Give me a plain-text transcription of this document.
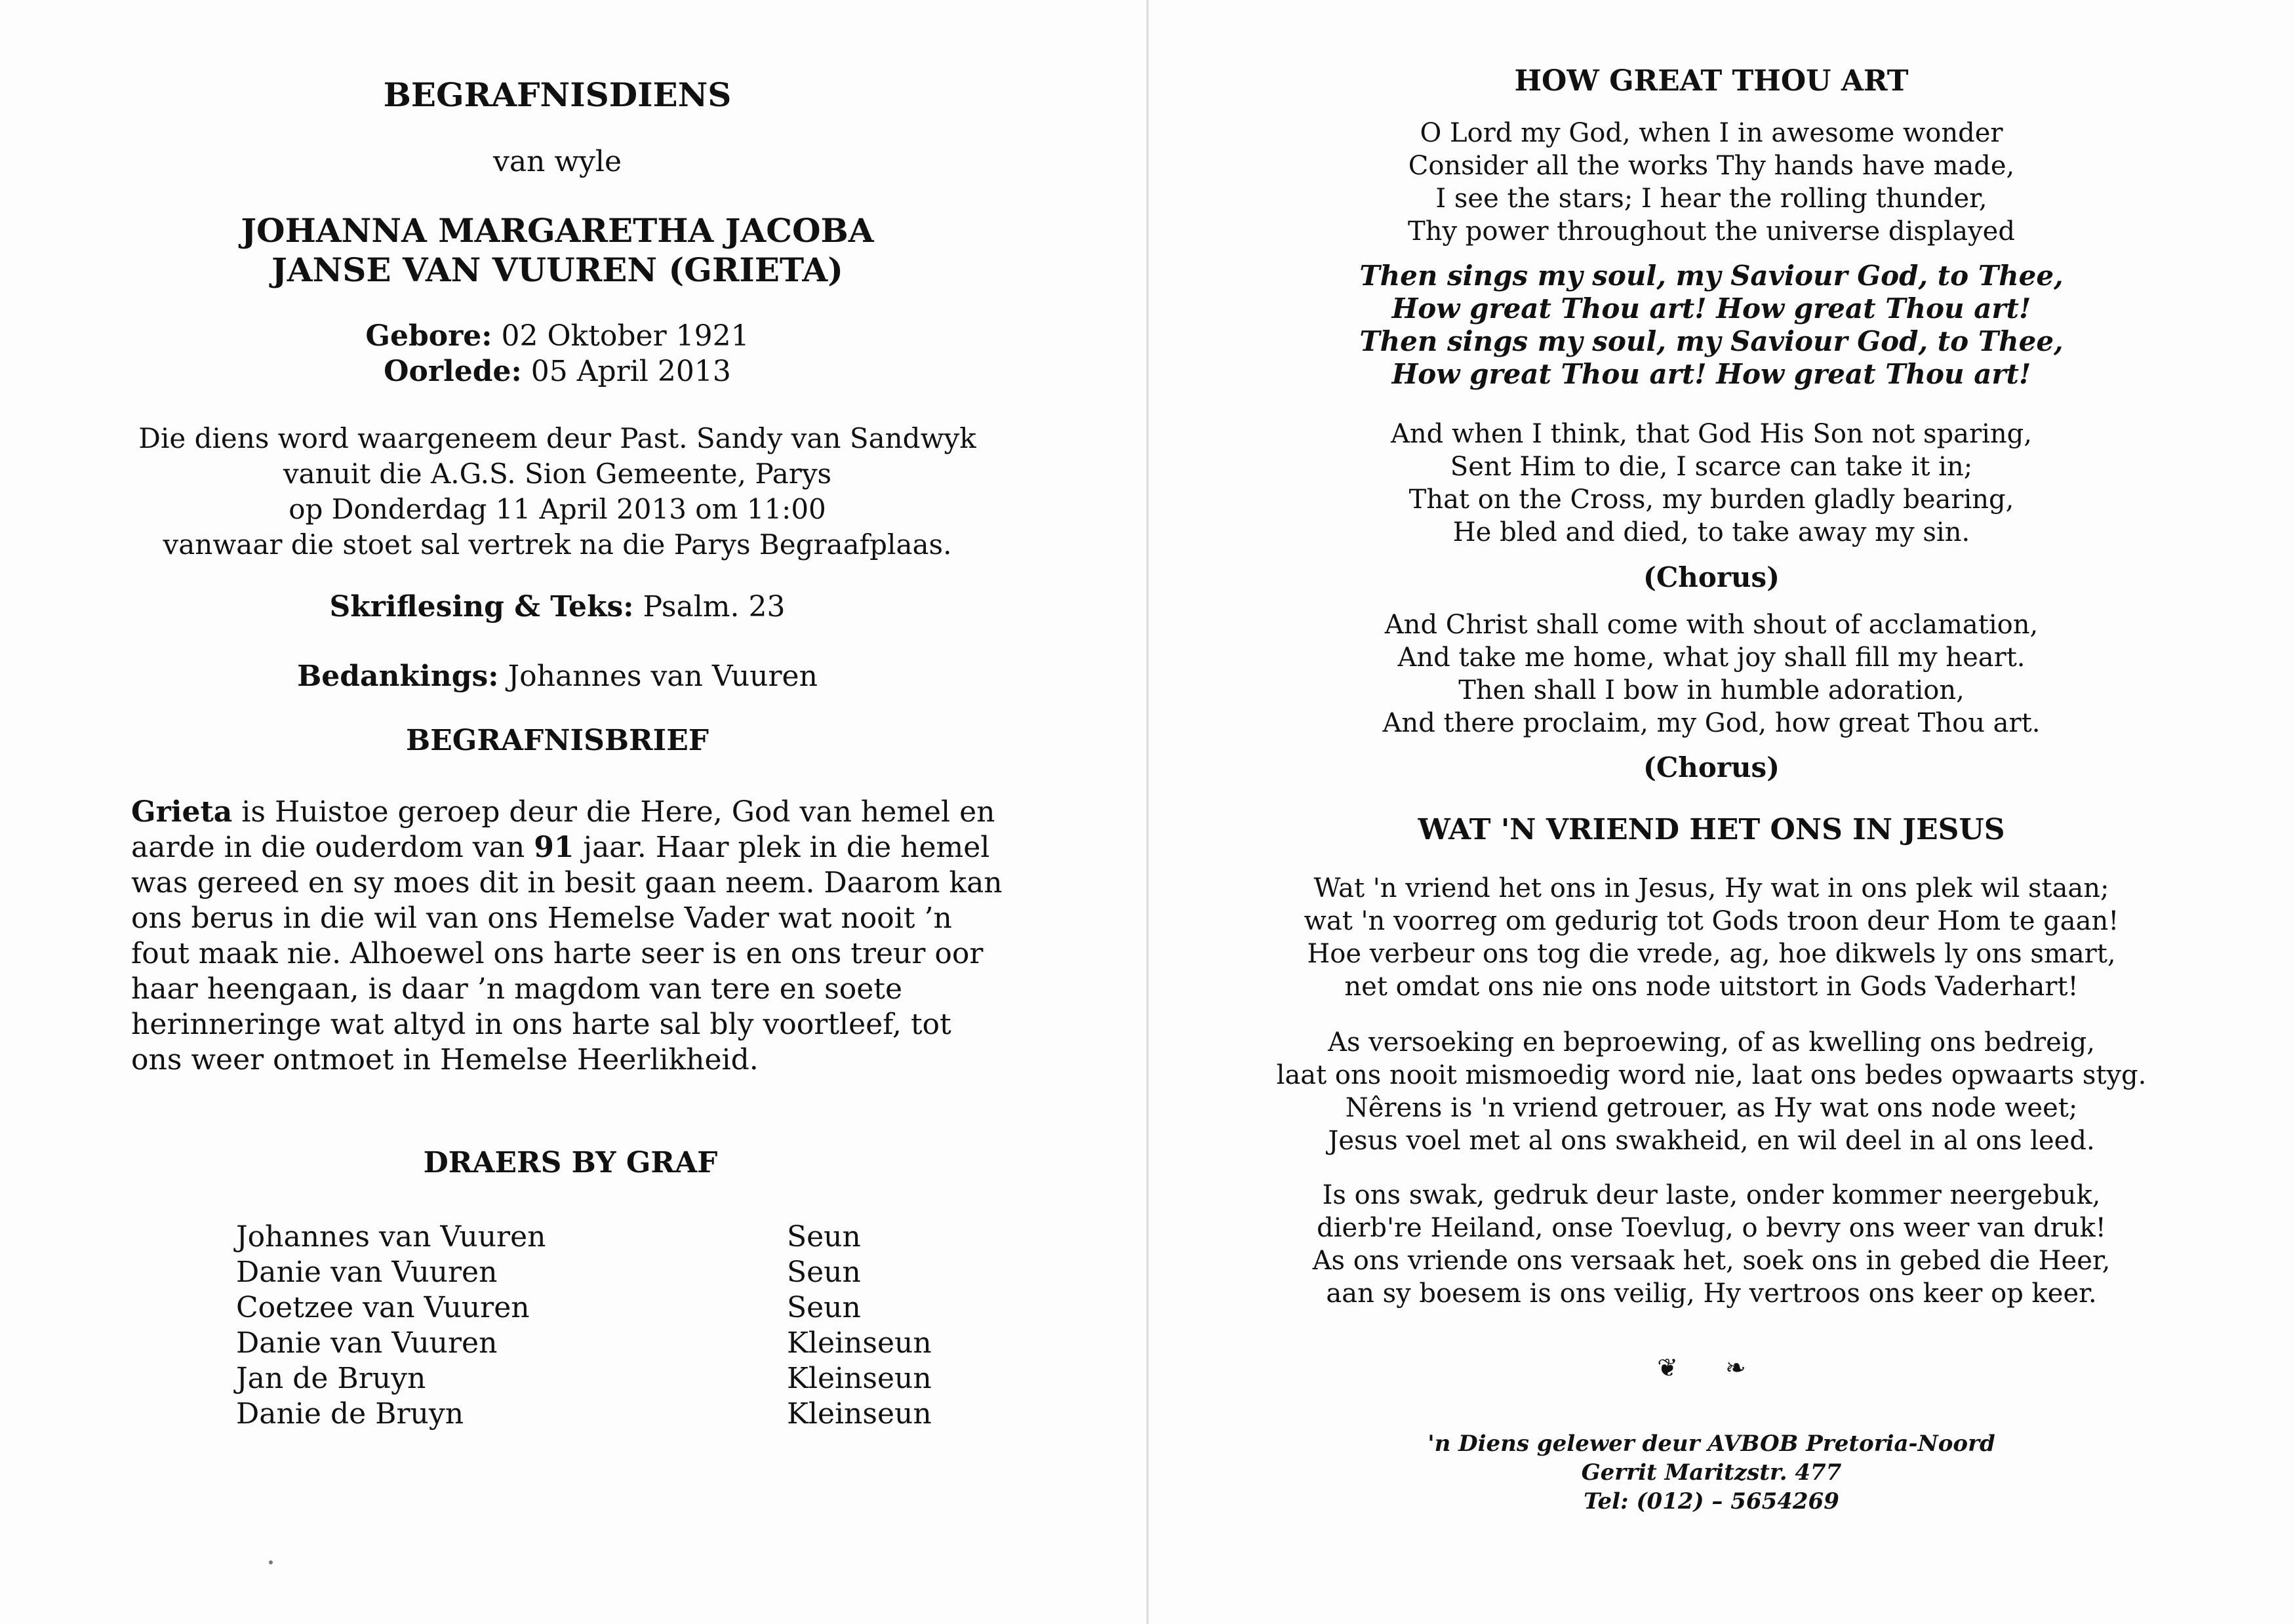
BEGRAFNISDIENS
van wyle
JOHANNA MARGARETHA JACOBA
JANSE VAN VUUREN (GRIETA)
Gebore: 02 Oktober 1921
Oorlede: 05 April 2013
Die diens word waargeneem deur Past. Sandy van Sandwyk
vanuit die A.G.S. Sion Gemeente, Parys
op Donderdag 11 April 2013 om 11:00
vanwaar die stoet sal vertrek na die Parys Begraafplaas.
Skriflesing & Teks: Psalm. 23
Bedankings: Johannes van Vuuren
BEGRAFNISBRIEF
Grieta is Huistoe geroep deur die Here, God van hemel en aarde in die ouderdom van 91 jaar. Haar plek in die hemel was gereed en sy moes dit in besit gaan neem. Daarom kan ons berus in die wil van ons Hemelse Vader wat nooit ’n fout maak nie. Alhoewel ons harte seer is en ons treur oor haar heengaan, is daar ’n magdom van tere en soete herinneringe wat altyd in ons harte sal bly voortleef, tot ons weer ontmoet in Hemelse Heerlikheid.
DRAERS BY GRAF
Johannes van Vuuren	Seun
Danie van Vuuren	Seun
Coetzee van Vuuren	Seun
Danie van Vuuren	Kleinseun
Jan de Bruyn	Kleinseun
Danie de Bruyn	Kleinseun
HOW GREAT THOU ART
O Lord my God, when I in awesome wonder
Consider all the works Thy hands have made,
I see the stars; I hear the rolling thunder,
Thy power throughout the universe displayed
Then sings my soul, my Saviour God, to Thee,
How great Thou art! How great Thou art!
Then sings my soul, my Saviour God, to Thee,
How great Thou art! How great Thou art!
And when I think, that God His Son not sparing,
Sent Him to die, I scarce can take it in;
That on the Cross, my burden gladly bearing,
He bled and died, to take away my sin.
(Chorus)
And Christ shall come with shout of acclamation,
And take me home, what joy shall fill my heart.
Then shall I bow in humble adoration,
And there proclaim, my God, how great Thou art.
(Chorus)
WAT 'N VRIEND HET ONS IN JESUS
Wat 'n vriend het ons in Jesus, Hy wat in ons plek wil staan;
wat 'n voorreg om gedurig tot Gods troon deur Hom te gaan!
Hoe verbeur ons tog die vrede, ag, hoe dikwels ly ons smart,
net omdat ons nie ons node uitstort in Gods Vaderhart!
As versoeking en beproewing, of as kwelling ons bedreig,
laat ons nooit mismoedig word nie, laat ons bedes opwaarts styg.
Nêrens is 'n vriend getrouer, as Hy wat ons node weet;
Jesus voel met al ons swakheid, en wil deel in al ons leed.
Is ons swak, gedruk deur laste, onder kommer neergebuk,
dierb're Heiland, onse Toevlug, o bevry ons weer van druk!
As ons vriende ons versaak het, soek ons in gebed die Heer,
aan sy boesem is ons veilig, Hy vertroos ons keer op keer.
❦ ❧
'n Diens gelewer deur AVBOB Pretoria-Noord
Gerrit Maritzstr. 477
Tel: (012) – 5654269
